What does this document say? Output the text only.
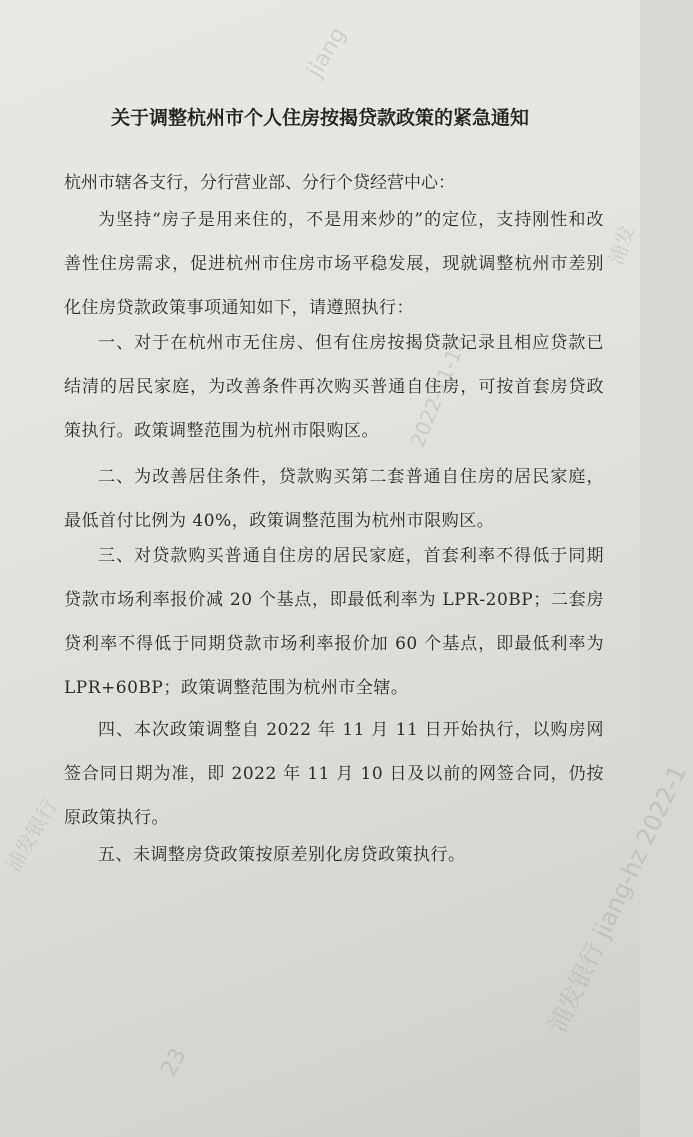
jiang
2022-11-10
浦发银行 jiang-hz 2022-1
浦发
23
浦发银行
关于调整杭州市个人住房按揭贷款政策的紧急通知
杭州市辖各支行，分行营业部、分行个贷经营中心：
为坚持“房子是用来住的，不是用来炒的”的定位，支持刚性和改善性住房需求，促进杭州市住房市场平稳发展，现就调整杭州市差别化住房贷款政策事项通知如下，请遵照执行：
一、对于在杭州市无住房、但有住房按揭贷款记录且相应贷款已结清的居民家庭，为改善条件再次购买普通自住房，可按首套房贷政策执行。政策调整范围为杭州市限购区。
二、为改善居住条件，贷款购买第二套普通自住房的居民家庭，最低首付比例为 40%，政策调整范围为杭州市限购区。
三、对贷款购买普通自住房的居民家庭，首套利率不得低于同期贷款市场利率报价减 20 个基点，即最低利率为 LPR-20BP；二套房贷利率不得低于同期贷款市场利率报价加 60 个基点，即最低利率为 LPR+60BP；政策调整范围为杭州市全辖。
四、本次政策调整自 2022 年 11 月 11 日开始执行，以购房网签合同日期为准，即 2022 年 11 月 10 日及以前的网签合同，仍按原政策执行。
五、未调整房贷政策按原差别化房贷政策执行。
